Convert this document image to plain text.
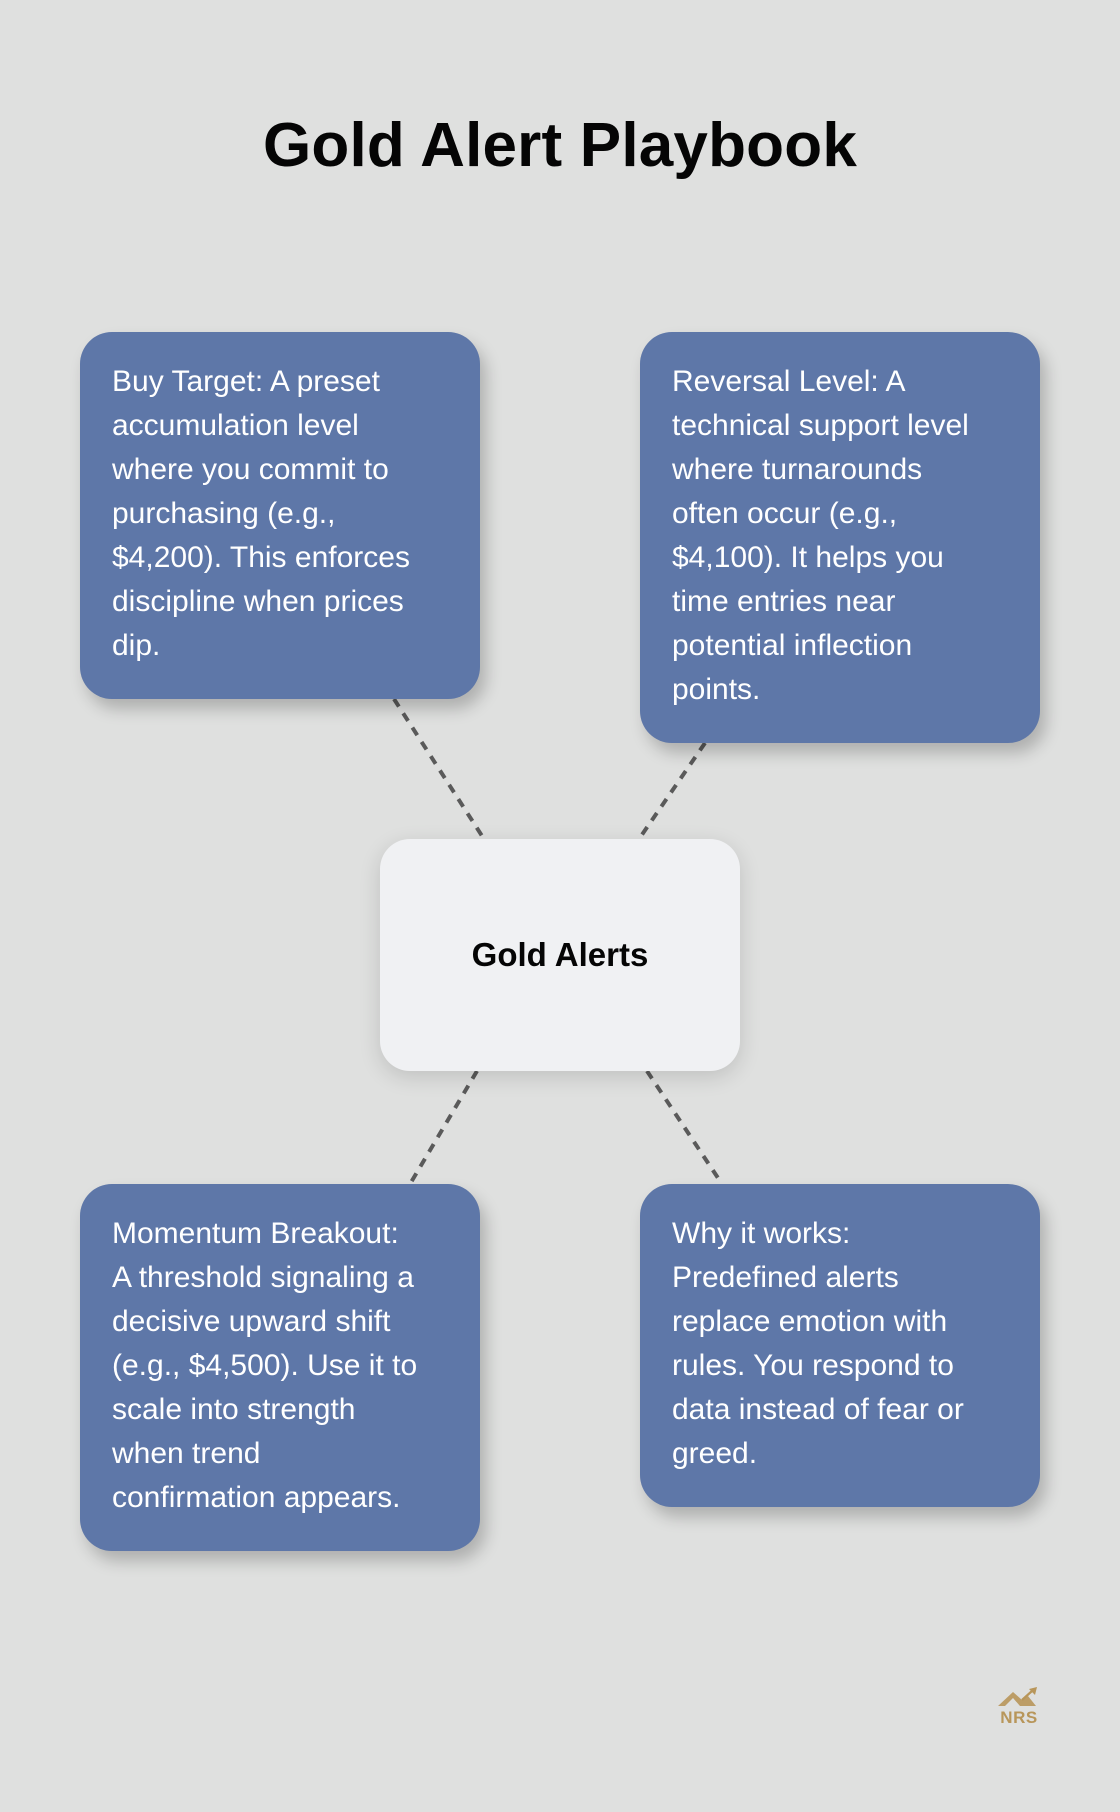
Gold Alert Playbook
Buy Target: A preset
accumulation level
where you commit to
purchasing (e.g.,
$4,200). This enforces
discipline when prices
dip.
Reversal Level: A
technical support level
where turnarounds
often occur (e.g.,
$4,100). It helps you
time entries near
potential inflection
points.
Gold Alerts
Momentum Breakout:
A threshold signaling a
decisive upward shift
(e.g., $4,500). Use it to
scale into strength
when trend
confirmation appears.
Why it works:
Predefined alerts
replace emotion with
rules. You respond to
data instead of fear or
greed.
NRS
